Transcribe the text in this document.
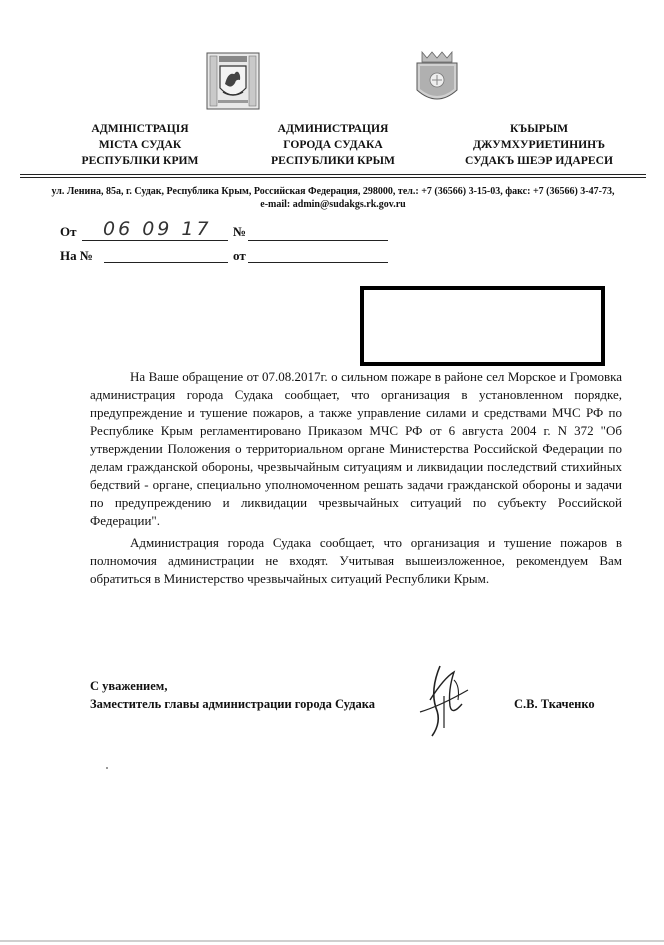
АДМІНІСТРАЦІЯ
МІСТА СУДАК
РЕСПУБЛІКИ КРИМ
АДМИНИСТРАЦИЯ
ГОРОДА СУДАКА
РЕСПУБЛИКИ КРЫМ
КЪЫРЫМ
ДЖУМХУРИЕТИНИНЪ
СУДАКЪ ШЕЭР ИДАРЕСИ
ул. Ленина, 85а, г. Судак, Республика Крым, Российская Федерация, 298000, тел.: +7 (36566) 3-15-03, факс: +7 (36566) 3-47-73,
e-mail: admin@sudakgs.rk.gov.ru
От 06 09 17 №
На №	от

На Ваше обращение от 07.08.2017г. о сильном пожаре в районе сел Морское и Громовка администрация города Судака сообщает, что организация в установленном порядке, предупреждение и тушение пожаров, а также управление силами и средствами МЧС РФ по Республике Крым регламентировано Приказом МЧС РФ от 6 августа 2004 г. N 372 "Об утверждении Положения о территориальном органе Министерства Российской Федерации по делам гражданской обороны, чрезвычайным ситуациям и ликвидации последствий стихийных бедствий - органе, специально уполномоченном решать задачи гражданской обороны и задачи по предупреждению и ликвидации чрезвычайных ситуаций по субъекту Российской Федерации".

Администрация города Судака сообщает, что организация и тушение пожаров в полномочия администрации не входят. Учитывая вышеизложенное, рекомендуем Вам обратиться в Министерство чрезвычайных ситуаций Республики Крым.

С уважением,
Заместитель главы администрации города Судака	С.В. Ткаченко
